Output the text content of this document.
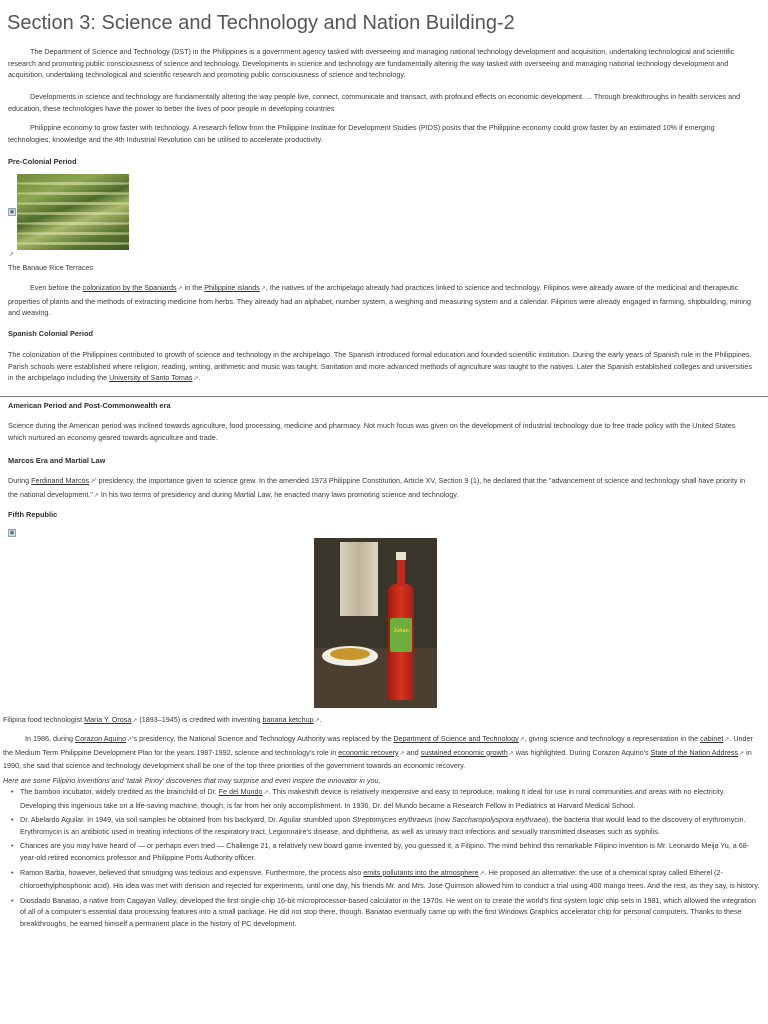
Section 3: Science and Technology and Nation Building-2

The Department of Science and Technology (DST) in the Philippines is a government agency tasked with overseeing and managing national technology development and acquisition, undertaking technological and scientific research and promoting public consciousness of science and technology. Developments in science and technology are fundamentally altering the way tasked with overseeing and managing national technology development and acquisition, undertaking technological and scientific research and promoting public consciousness of science and technology.

Developments in science and technology are fundamentally altering the way people live, connect, communicate and transact, with profound effects on economic development. ... Through breakthroughs in health services and education, these technologies have the power to better the lives of poor people in developing countries

Philippine economy to grow faster with technology. A research fellow from the Philippine Institute for Development Studies (PIDS) posits that the Philippine economy could grow faster by an estimated 10% if emerging technologies, knowledge and the 4th Industrial Revolution can be utilised to accelerate productivity.

Pre-Colonial Period
▣
↗
The Banaue Rice Terraces

Even before the colonization by the Spaniards↗ in the Philippine islands↗, the natives of the archipelago already had practices linked to science and technology. Filipinos were already aware of the medicinal and therapeutic properties of plants and the methods of extracting medicine from herbs. They already had an alphabet, number system, a weighing and measuring system and a calendar. Filipinos were already engaged in farming, shipbuilding, mining and weaving.

Spanish Colonial Period

The colonization of the Philippines contributed to growth of science and technology in the archipelago. The Spanish introduced formal education and founded scientific institution. During the early years of Spanish rule in the Philippines. Parish schools were established where religion, reading, writing, arithmetic and music was taught. Sanitation and more advanced methods of agriculture was taught to the natives. Later the Spanish established colleges and universities in the archipelago including the University of Santo Tomas↗.

American Period and Post-Commonwealth era

Science during the American period was inclined towards agriculture, food processing, medicine and pharmacy. Not much focus was given on the development of industrial technology due to free trade policy with the United States which nurtured an economy geared towards agriculture and trade.

Marcos Era and Martial Law

During Ferdinand Marcos↗' presidency, the importance given to science grew. In the amended 1973 Philippine Constitution, Article XV, Section 9 (1), he declared that the "advancement of science and technology shall have priority in the national development."↗ In his two terms of presidency and during Martial Law, he enacted many laws promoting science and technology.

Fifth Republic
▣
Jufran

Filipina food technologist Maria Y. Orosa↗ (1893–1945) is credited with inventing banana ketchup↗.

In 1986, during Corazon Aquino↗'s presidency, the National Science and Technology Authority was replaced by the Department of Science and Technology↗, giving science and technology a representation in the cabinet↗. Under the Medium Term Philippine Development Plan for the years 1987-1992, science and technology's role in economic recovery↗ and sustained economic growth↗ was highlighted. During Corazon Aquino's State of the Nation Address↗ in 1990, she said that science and technology development shall be one of the top three priorities of the government towards an economic recovery.

Here are some Filipino inventions and 'tatak Pinoy' discoveries that may surprise and even inspire the innovator in you.

• The bamboo incubator, widely credited as the brainchild of Dr. Fe del Mundo↗. This makeshift device is relatively inexpensive and easy to reproduce, making it ideal for use in rural communities and areas with no electricity. Developing this ingenious take on a life-saving machine, though, is far from her only accomplishment. In 1936, Dr. del Mundo became a Research Fellow in Pediatrics at Harvard Medical School.
• Dr. Abelardo Aguilar. In 1949, via soil samples he obtained from his backyard, Dr. Aguilar stumbled upon Streptomyces erythraeus (now Saccharopolyspora erythraea), the bacteria that would lead to the discovery of erythromycin. Erythromycin is an antibiotic used in treating infections of the respiratory tract, Legionnaire's disease, and diphtheria, as well as urinary tract infections and sexually transmitted diseases such as syphilis.
• Chances are you may have heard of — or perhaps even tried — Challenge 21, a relatively new board game invented by, you guessed it, a Filipino. The mind behind this remarkable Filipino invention is Mr. Leonardo Meija Yu, a 68-year-old retired economics professor and Philippine Ports Authority officer.
• Ramon Barba, however, believed that smudging was tedious and expensive. Furthermore, the process also emits pollutants into the atmosphere↗. He proposed an alternative: the use of a chemical spray called Etherel (2-chloroethylphosphonic acid). His idea was met with derision and rejected for experiments, until one day, his friends Mr. and Mrs. Jose Quimson allowed him to conduct a trial using 400 mango trees. And the rest, as they say, is history.
• Diosdado Banatao, a native from Cagayan Valley, developed the first single-chip 16-bit microprocessor-based calculator in the 1970s. He went on to create the world's first system logic chip sets in 1981, which allowed the integration of all of a computer's essential data processing features into a small package. He did not stop there, though. Banatao eventually came up with the first Windows Graphics accelerator chip for personal computers. Thanks to these breakthroughs, he earned himself a permanent place in the history of PC development.
